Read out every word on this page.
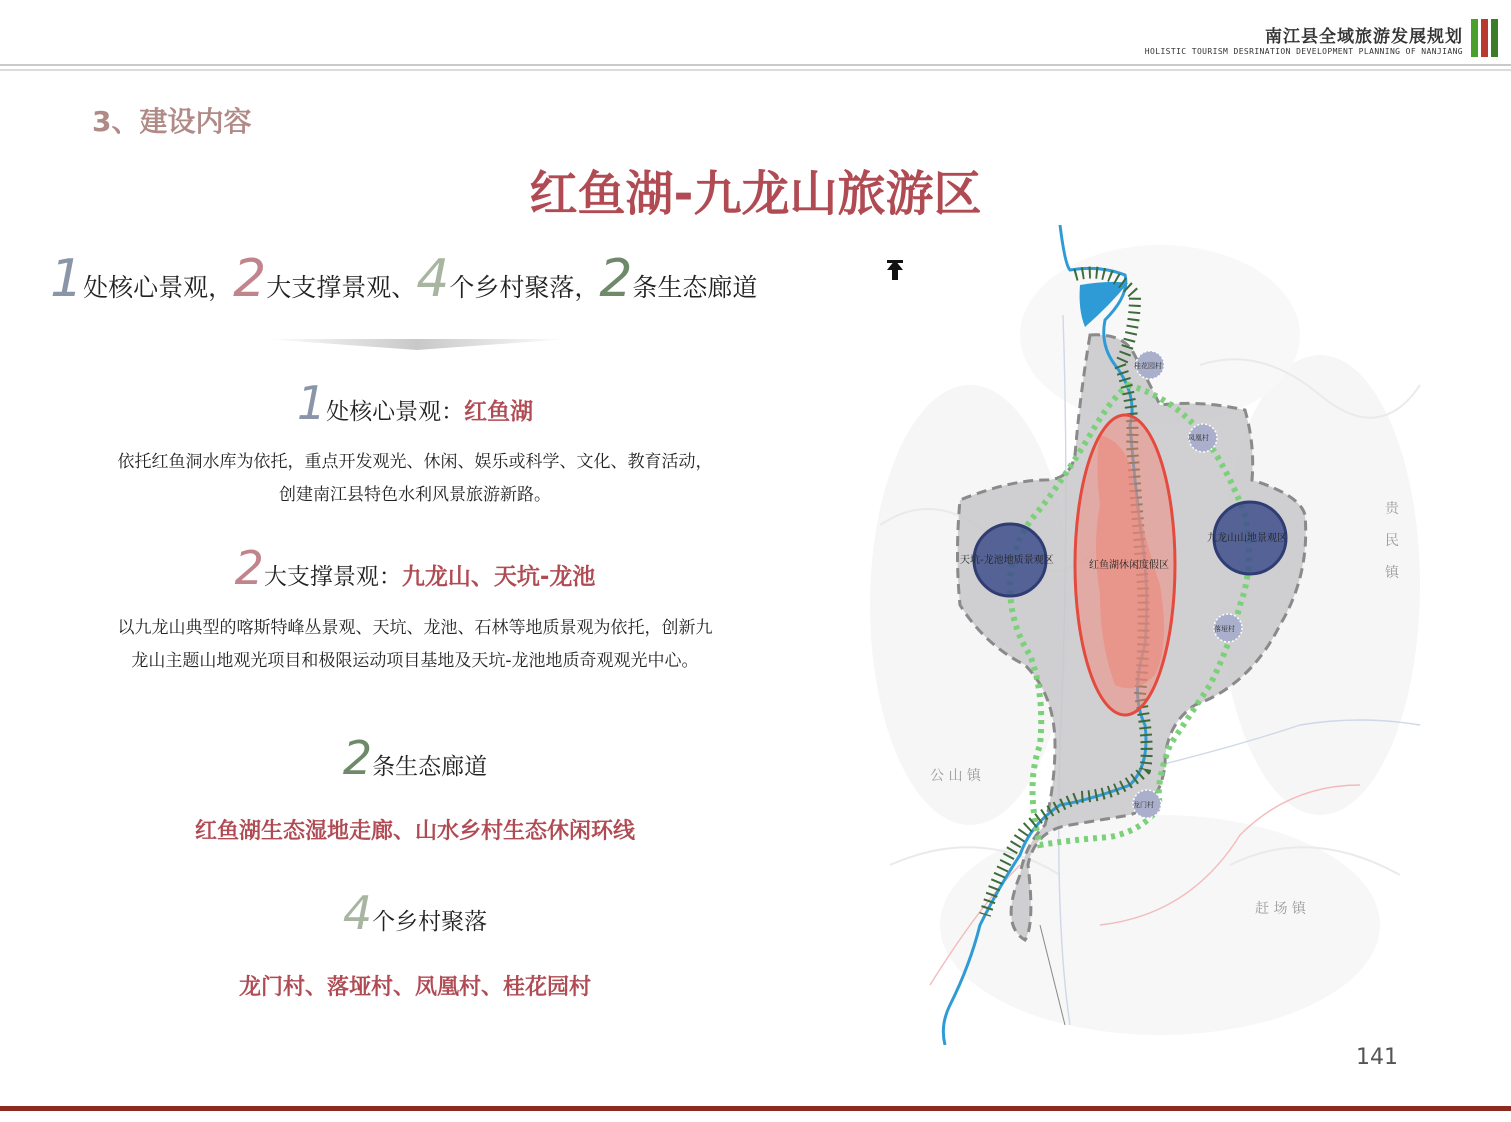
南江县全域旅游发展规划
HOLISTIC TOURISM DESRINATION DEVELOPMENT PLANNING OF NANJIANG
3、建设内容
红鱼湖-九龙山旅游区
1处核心景观，2大支撑景观、4个乡村聚落，2条生态廊道
1处核心景观：红鱼湖
依托红鱼洞水库为依托，重点开发观光、休闲、娱乐或科学、文化、教育活动，
创建南江县特色水利风景旅游新路。
2大支撑景观：九龙山、天坑-龙池
以九龙山典型的喀斯特峰丛景观、天坑、龙池、石林等地质景观为依托，创新九
龙山主题山地观光项目和极限运动项目基地及天坑-龙池地质奇观观光中心。
2条生态廊道
红鱼湖生态湿地走廊、山水乡村生态休闲环线
4个乡村聚落
龙门村、落垭村、凤凰村、桂花园村
天坑-龙池地质景观区
九龙山山地景观区
红鱼湖休闲度假区
桂花园村
凤凰村
落垭村
龙门村
贵
民
镇
公 山 镇
赶 场 镇
141
